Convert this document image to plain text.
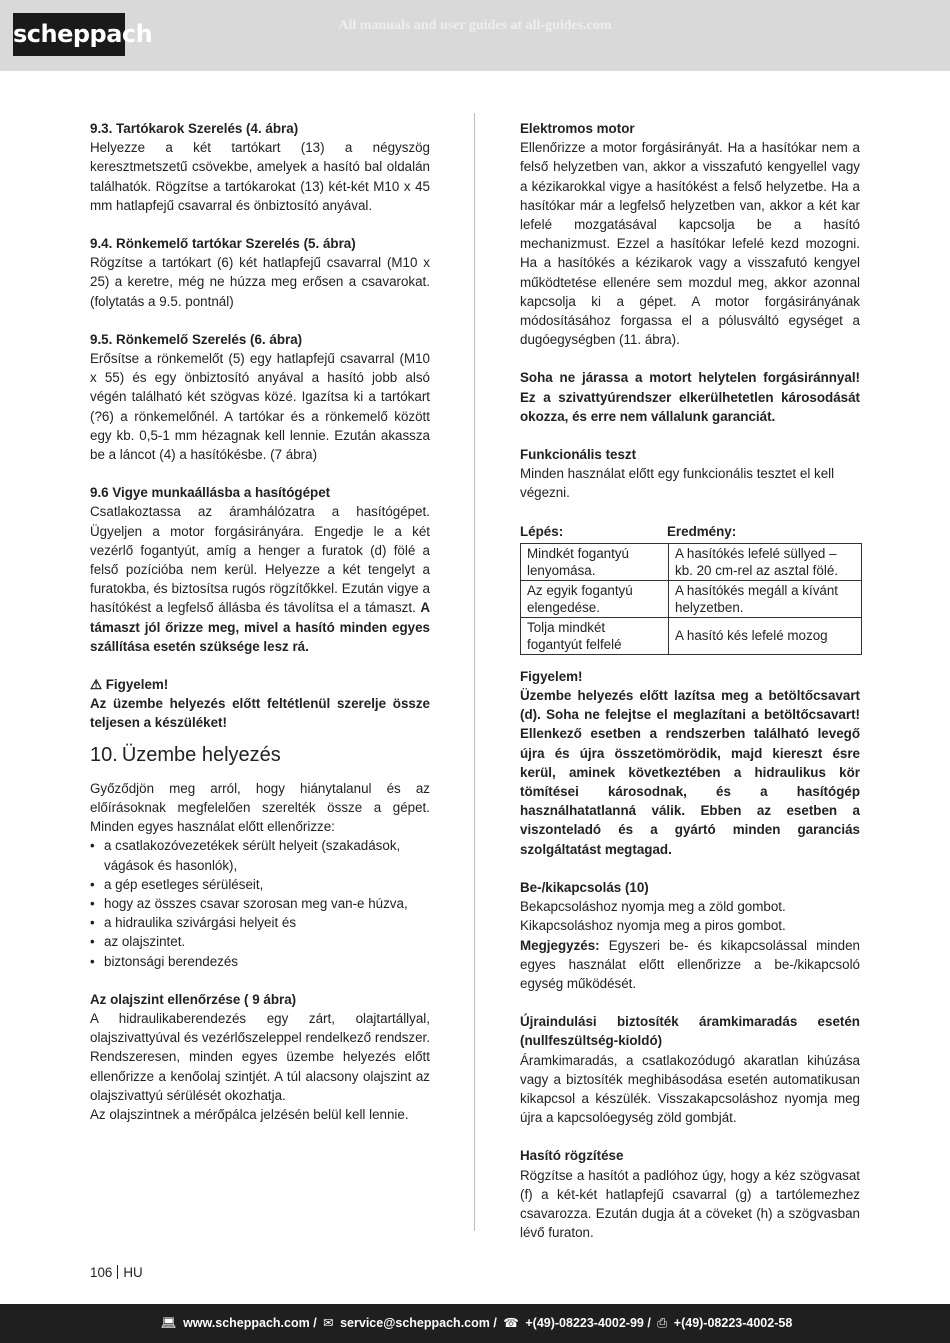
scheppach	All manuals and user guides at all-guides.com

9.3. Tartókarok Szerelés (4. ábra)

Helyezze a két tartókart (13) a négyszög keresztmetszetű csövekbe, amelyek a hasító bal oldalán találhatók. Rögzítse a tartókarokat (13) két-két M10 x 45 mm hatlapfejű csavarral és önbiztosító anyával.

9.4. Rönkemelő tartókar Szerelés (5. ábra)

Rögzítse a tartókart (6) két hatlapfejű csavarral (M10 x 25) a keretre, még ne húzza meg erősen a csavarokat. (folytatás a 9.5. pontnál)

9.5. Rönkemelő Szerelés (6. ábra)

Erősítse a rönkemelőt (5) egy hatlapfejű csavarral (M10 x 55) és egy önbiztosító anyával a hasító jobb alsó végén található két szögvas közé. Igazítsa ki a tartókart (?6) a rönkemelőnél. A tartókar és a rönkemelő között egy kb. 0,5-1 mm hézagnak kell lennie. Ezután akassza be a láncot (4) a hasítókésbe. (7 ábra)

9.6 Vigye munkaállásba a hasítógépet

Csatlakoztassa az áramhálózatra a hasítógépet. Ügyeljen a motor forgásirányára. Engedje le a két vezérlő fogantyút, amíg a henger a furatok (d) fölé a felső pozícióba nem kerül. Helyezze a két tengelyt a furatokba, és biztosítsa rugós rögzítőkkel. Ezután vigye a hasítókést a legfelső állásba és távolítsa el a támaszt. A támaszt jól őrizze meg, mivel a hasító minden egyes szállítása esetén szüksége lesz rá.

⚠ Figyelem!

Az üzembe helyezés előtt feltétlenül szerelje össze teljesen a készüléket!

10. Üzembe helyezés

Győződjön meg arról, hogy hiánytalanul és az előírásoknak megfelelően szerelték össze a gépet. Minden egyes használat előtt ellenőrizze:

• a csatlakozóvezetékek sérült helyeit (szakadások, vágások és hasonlók),
• a gép esetleges sérüléseit,
• hogy az összes csavar szorosan meg van-e húzva,
• a hidraulika szivárgási helyeit és
• az olajszintet.
• biztonsági berendezés

Az olajszint ellenőrzése ( 9 ábra)

A hidraulikaberendezés egy zárt, olajtartállyal, olajszivattyúval és vezérlőszeleppel rendelkező rendszer. Rendszeresen, minden egyes üzembe helyezés előtt ellenőrizze a kenőolaj szintjét. A túl alacsony olajszint az olajszivattyú sérülését okozhatja.

Az olajszintnek a mérőpálca jelzésén belül kell lennie.

Elektromos motor

Ellenőrizze a motor forgásirányát. Ha a hasítókar nem a felső helyzetben van, akkor a visszafutó kengyellel vagy a kézikarokkal vigye a hasítókést a felső helyzetbe. Ha a hasítókar már a legfelső helyzetben van, akkor a két kar lefelé mozgatásával kapcsolja be a hasító mechanizmust. Ezzel a hasítókar lefelé kezd mozogni. Ha a hasítókés a kézikarok vagy a visszafutó kengyel működtetése ellenére sem mozdul meg, akkor azonnal kapcsolja ki a gépet. A motor forgásirányának módosításához forgassa el a pólusváltó egységet a dugóegységben (11. ábra).

Soha ne járassa a motort helytelen forgásiránnyal! Ez a szivattyúrendszer elkerülhetetlen károsodását okozza, és erre nem vállalunk garanciát.

Funkcionális teszt

Minden használat előtt egy funkcionális tesztet el kell végezni.

Lépés:	Eredmény:
Mindkét fogantyú lenyomása.	A hasítókés lefelé süllyed – kb. 20 cm-rel az asztal fölé.
Az egyik fogantyú elengedése.	A hasítókés megáll a kívánt helyzetben.
Tolja mindkét fogantyút felfelé	A hasító kés lefelé mozog

Figyelem!

Üzembe helyezés előtt lazítsa meg a betöltőcsavart (d). Soha ne felejtse el meglazítani a betöltőcsavart! Ellenkező esetben a rendszerben található levegő újra és újra összetömörödik, majd kiereszt ésre kerül, aminek következtében a hidraulikus kör tömítései károsodnak, és a hasítógép használhatatlanná válik. Ebben az esetben a viszonteladó és a gyártó minden garanciás szolgáltatást megtagad.

Be-/kikapcsolás (10)

Bekapcsoláshoz nyomja meg a zöld gombot.

Kikapcsoláshoz nyomja meg a piros gombot.

Megjegyzés: Egyszeri be- és kikapcsolással minden egyes használat előtt ellenőrizze a be-/kikapcsoló egység működését.

Újraindulási biztosíték áramkimaradás esetén (nullfeszültség-kioldó)

Áramkimaradás, a csatlakozódugó akaratlan kihúzása vagy a biztosíték meghibásodása esetén automatikusan kikapcsol a készülék. Visszakapcsoláshoz nyomja meg újra a kapcsolóegység zöld gombját.

Hasító rögzítése

Rögzítse a hasítót a padlóhoz úgy, hogy a kéz szögvasat (f) a két-két hatlapfejű csavarral (g) a tartólemezhez csavarozza. Ezután dugja át a cöveket (h) a szögvasban lévő furaton.

106 HU
💻︎ www.scheppach.com / ✉ service@scheppach.com / ☎ +(49)-08223-4002-99 / ⎙ +(49)-08223-4002-58
